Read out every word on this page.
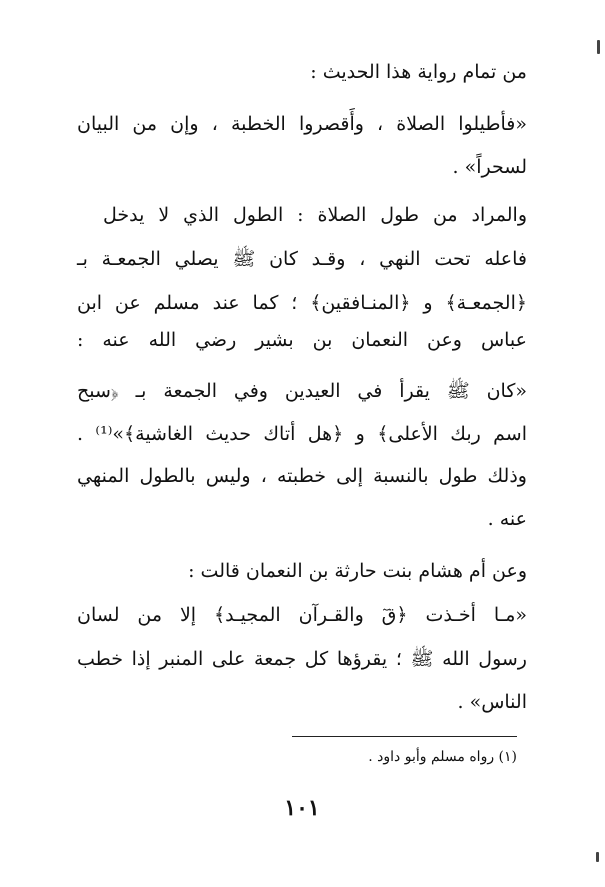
من تمام رواية هذا الحديث :
«فأطيلوا الصلاة ، وأَقصروا الخطبة ، وإن من البيان
لسحراً» .
والمراد من طول الصلاة : الطول الذي لا يدخل
فاعله تحت النهي ، وقـد كان ﷺ يصلي الجمعـة بـ
﴿الجمعـة﴾ و ﴿المنـافقين﴾ ؛ كما عند مسلم عن ابن
عباس وعن النعمان بن بشير رضي الله عنه :
«كان ﷺ يقرأ في العيدين وفي الجمعة بـ ﴿سبح
اسم ربك الأعلى﴾ و ﴿هل أتاك حديث الغاشية﴾»⁽¹⁾ .
وذلك طول بالنسبة إلى خطبته ، وليس بالطول المنهي
عنه .
وعن أم هشام بنت حارثة بن النعمان قالت :
«مـا أخـذت ﴿قٓ والقـرآن المجيـد﴾ إلا من لسان
رسول الله ﷺ ؛ يقرؤها كل جمعة على المنبر إذا خطب
الناس» .
(١) رواه مسلم وأبو داود .
١٠١
